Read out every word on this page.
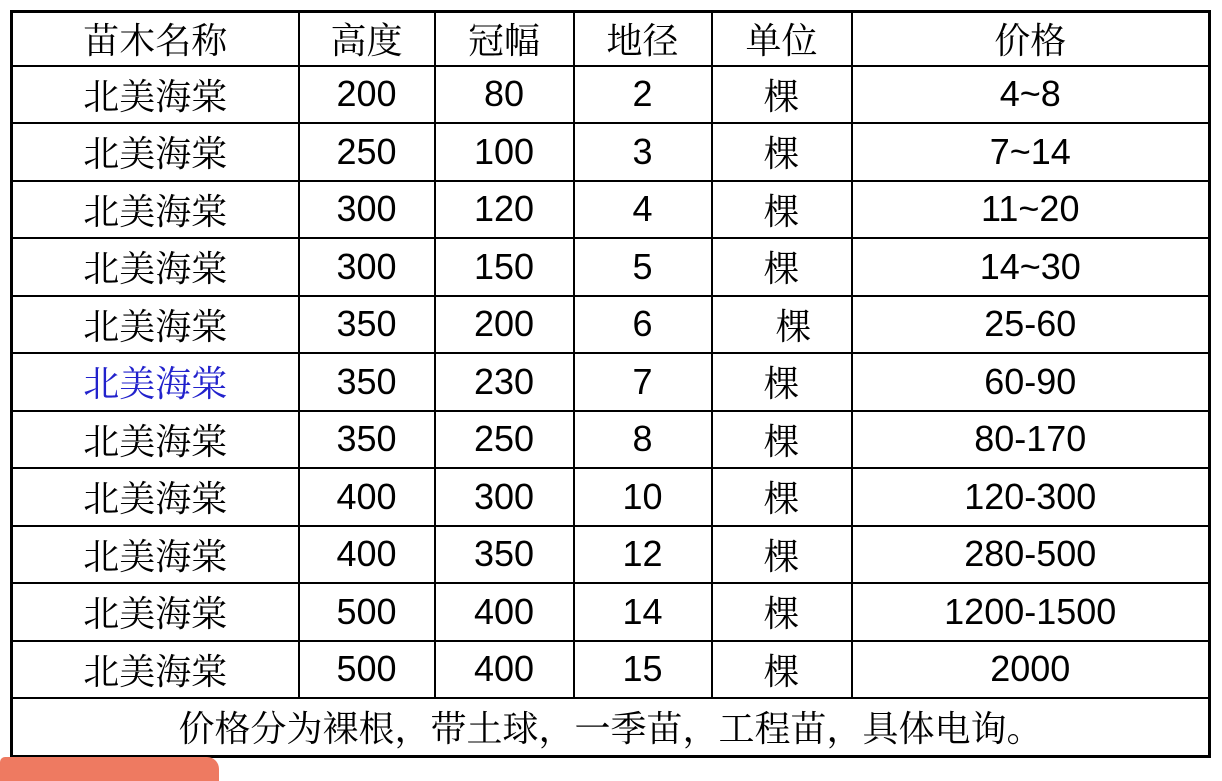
苗木名称	高度	冠幅	地径	单位	价格
北美海棠	200	80	2	棵	4~8
北美海棠	250	100	3	棵	7~14
北美海棠	300	120	4	棵	11~20
北美海棠	300	150	5	棵	14~30
北美海棠	350	200	6	棵	25-60
北美海棠	350	230	7	棵	60-90
北美海棠	350	250	8	棵	80-170
北美海棠	400	300	10	棵	120-300
北美海棠	400	350	12	棵	280-500
北美海棠	500	400	14	棵	1200-1500
北美海棠	500	400	15	棵	2000
价格分为裸根，带土球，一季苗，工程苗，具体电询。					
